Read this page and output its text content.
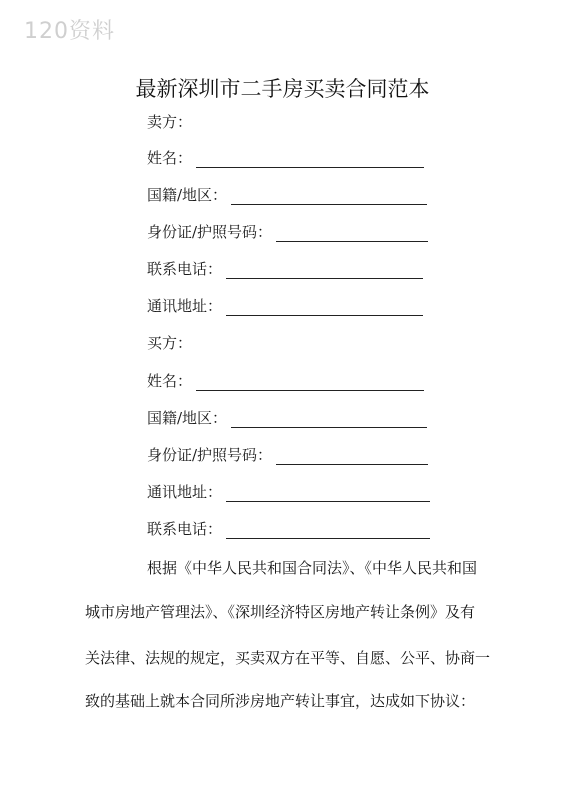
120资料
最新深圳市二手房买卖合同范本
卖方：
姓名：
国籍/地区：
身份证/护照号码：
联系电话：
通讯地址：
买方：
姓名：
国籍/地区：
身份证/护照号码：
通讯地址：
联系电话：
根据《中华人民共和国合同法》、《中华人民共和国
城市房地产管理法》、《深圳经济特区房地产转让条例》及有
关法律、法规的规定，买卖双方在平等、自愿、公平、协商一
致的基础上就本合同所涉房地产转让事宜，达成如下协议：
